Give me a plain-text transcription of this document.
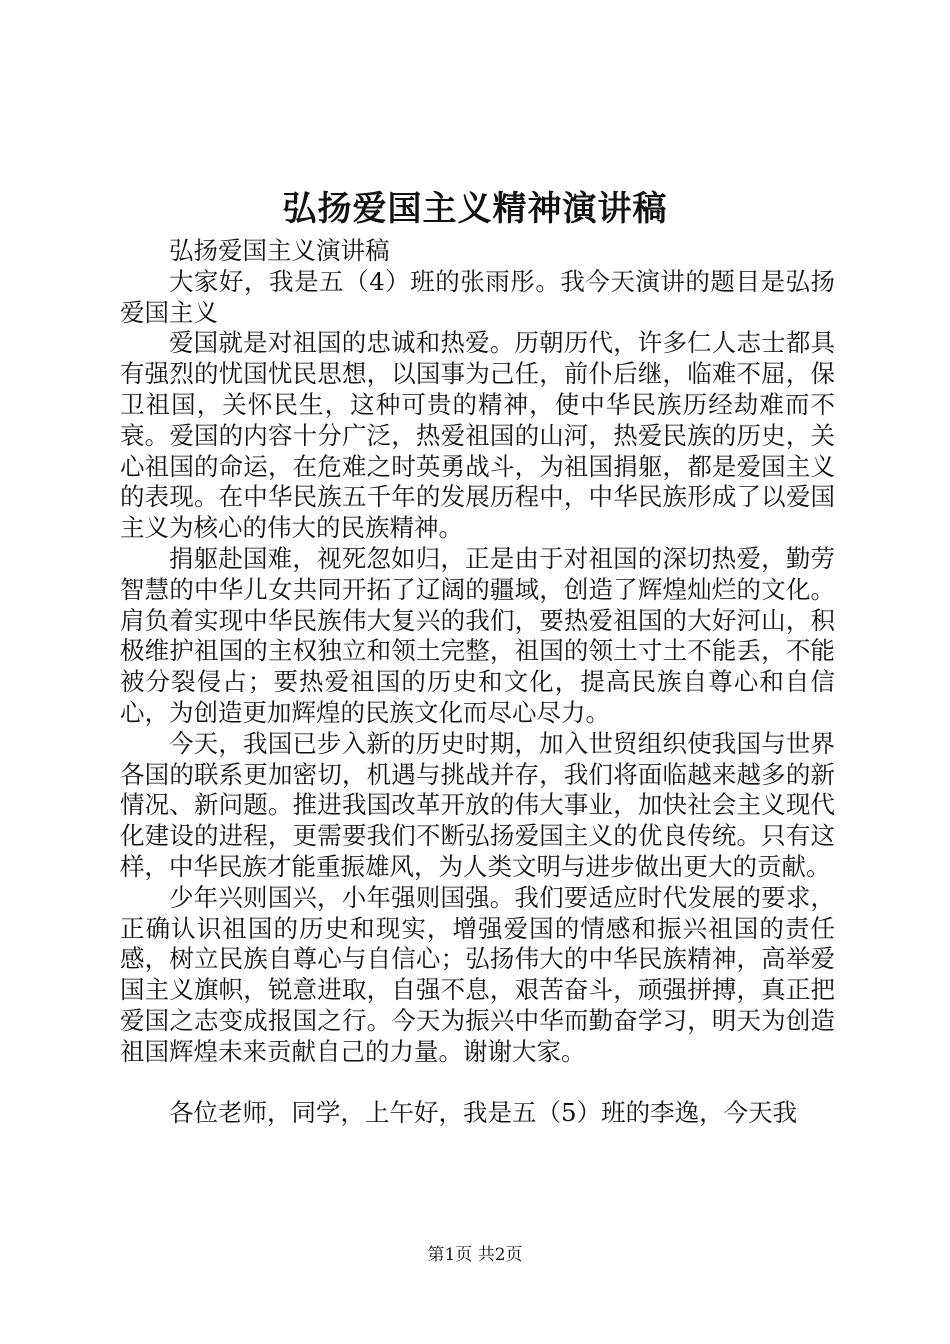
弘扬爱国主义精神演讲稿

弘扬爱国主义演讲稿

大家好，我是五（4）班的张雨彤。我今天演讲的题目是弘扬爱国主义

爱国就是对祖国的忠诚和热爱。历朝历代，许多仁人志士都具有强烈的忧国忧民思想，以国事为己任，前仆后继，临难不屈，保卫祖国，关怀民生，这种可贵的精神，使中华民族历经劫难而不衰。爱国的内容十分广泛，热爱祖国的山河，热爱民族的历史，关心祖国的命运，在危难之时英勇战斗，为祖国捐躯，都是爱国主义的表现。在中华民族五千年的发展历程中，中华民族形成了以爱国主义为核心的伟大的民族精神。

捐躯赴国难，视死忽如归，正是由于对祖国的深切热爱，勤劳智慧的中华儿女共同开拓了辽阔的疆域，创造了辉煌灿烂的文化。肩负着实现中华民族伟大复兴的我们，要热爱祖国的大好河山，积极维护祖国的主权独立和领土完整，祖国的领土寸土不能丢，不能被分裂侵占；要热爱祖国的历史和文化，提高民族自尊心和自信心，为创造更加辉煌的民族文化而尽心尽力。

今天，我国已步入新的历史时期，加入世贸组织使我国与世界各国的联系更加密切，机遇与挑战并存，我们将面临越来越多的新情况、新问题。推进我国改革开放的伟大事业，加快社会主义现代化建设的进程，更需要我们不断弘扬爱国主义的优良传统。只有这样，中华民族才能重振雄风，为人类文明与进步做出更大的贡献。

少年兴则国兴，小年强则国强。我们要适应时代发展的要求，正确认识祖国的历史和现实，增强爱国的情感和振兴祖国的责任感，树立民族自尊心与自信心；弘扬伟大的中华民族精神，高举爱国主义旗帜，锐意进取，自强不息，艰苦奋斗，顽强拼搏，真正把爱国之志变成报国之行。今天为振兴中华而勤奋学习，明天为创造祖国辉煌未来贡献自己的力量。谢谢大家。

各位老师，同学，上午好，我是五（5）班的李逸，今天我

第1页 共2页
